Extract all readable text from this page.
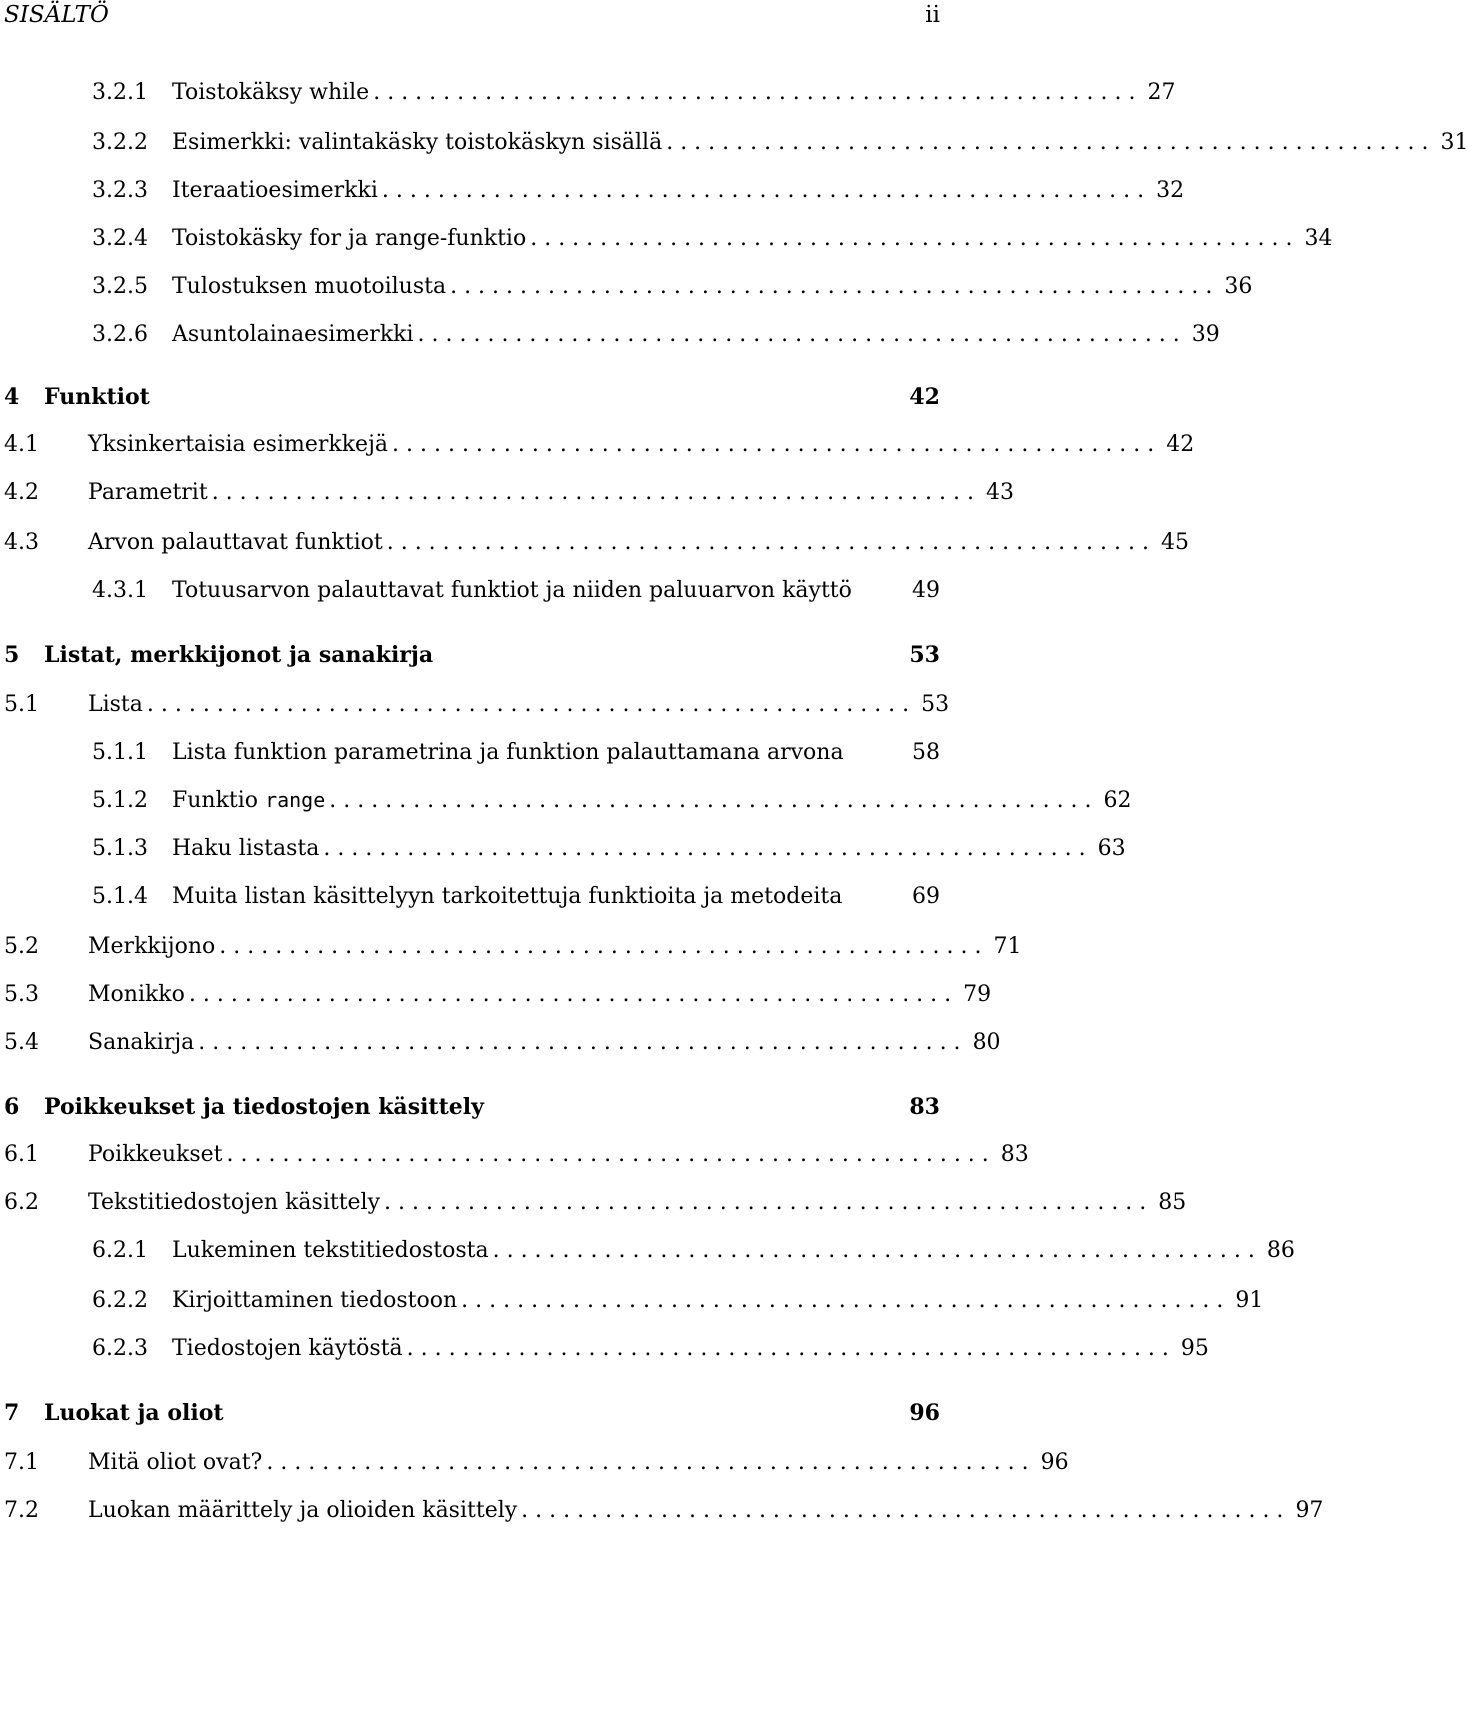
SISÄLTÖ	ii
3.2.1	Toistokäksy while . . . . . . . . . . . . . . . . . . . . . . . . . . . . . . . . . . . . . . . . . . . . . . . . . . . . . . . 27
3.2.2	Esimerkki: valintakäsky toistokäskyn sisällä . . . . . . . . . . . . . . . . . . . . . . . . . . . . . . . . . . . . . . . . . . . . . . . . . . . . . . . 31
3.2.3	Iteraatioesimerkki . . . . . . . . . . . . . . . . . . . . . . . . . . . . . . . . . . . . . . . . . . . . . . . . . . . . . . . 32
3.2.4	Toistokäsky for ja range-funktio . . . . . . . . . . . . . . . . . . . . . . . . . . . . . . . . . . . . . . . . . . . . . . . . . . . . . . . 34
3.2.5	Tulostuksen muotoilusta . . . . . . . . . . . . . . . . . . . . . . . . . . . . . . . . . . . . . . . . . . . . . . . . . . . . . . . 36
3.2.6	Asuntolainaesimerkki . . . . . . . . . . . . . . . . . . . . . . . . . . . . . . . . . . . . . . . . . . . . . . . . . . . . . . . 39
4	Funktiot	42
4.1	Yksinkertaisia esimerkkejä . . . . . . . . . . . . . . . . . . . . . . . . . . . . . . . . . . . . . . . . . . . . . . . . . . . . . . . 42
4.2	Parametrit . . . . . . . . . . . . . . . . . . . . . . . . . . . . . . . . . . . . . . . . . . . . . . . . . . . . . . . 43
4.3	Arvon palauttavat funktiot . . . . . . . . . . . . . . . . . . . . . . . . . . . . . . . . . . . . . . . . . . . . . . . . . . . . . . . 45
4.3.1	Totuusarvon palauttavat funktiot ja niiden paluuarvon käyttö	49
5	Listat, merkkijonot ja sanakirja	53
5.1	Lista . . . . . . . . . . . . . . . . . . . . . . . . . . . . . . . . . . . . . . . . . . . . . . . . . . . . . . . 53
5.1.1	Lista funktion parametrina ja funktion palauttamana arvona	58
5.1.2	Funktio range . . . . . . . . . . . . . . . . . . . . . . . . . . . . . . . . . . . . . . . . . . . . . . . . . . . . . . . 62
5.1.3	Haku listasta . . . . . . . . . . . . . . . . . . . . . . . . . . . . . . . . . . . . . . . . . . . . . . . . . . . . . . . 63
5.1.4	Muita listan käsittelyyn tarkoitettuja funktioita ja metodeita	69
5.2	Merkkijono . . . . . . . . . . . . . . . . . . . . . . . . . . . . . . . . . . . . . . . . . . . . . . . . . . . . . . . 71
5.3	Monikko . . . . . . . . . . . . . . . . . . . . . . . . . . . . . . . . . . . . . . . . . . . . . . . . . . . . . . . 79
5.4	Sanakirja . . . . . . . . . . . . . . . . . . . . . . . . . . . . . . . . . . . . . . . . . . . . . . . . . . . . . . . 80
6	Poikkeukset ja tiedostojen käsittely	83
6.1	Poikkeukset . . . . . . . . . . . . . . . . . . . . . . . . . . . . . . . . . . . . . . . . . . . . . . . . . . . . . . . 83
6.2	Tekstitiedostojen käsittely . . . . . . . . . . . . . . . . . . . . . . . . . . . . . . . . . . . . . . . . . . . . . . . . . . . . . . . 85
6.2.1	Lukeminen tekstitiedostosta . . . . . . . . . . . . . . . . . . . . . . . . . . . . . . . . . . . . . . . . . . . . . . . . . . . . . . . 86
6.2.2	Kirjoittaminen tiedostoon . . . . . . . . . . . . . . . . . . . . . . . . . . . . . . . . . . . . . . . . . . . . . . . . . . . . . . . 91
6.2.3	Tiedostojen käytöstä . . . . . . . . . . . . . . . . . . . . . . . . . . . . . . . . . . . . . . . . . . . . . . . . . . . . . . . 95
7	Luokat ja oliot	96
7.1	Mitä oliot ovat? . . . . . . . . . . . . . . . . . . . . . . . . . . . . . . . . . . . . . . . . . . . . . . . . . . . . . . . 96
7.2	Luokan määrittely ja olioiden käsittely . . . . . . . . . . . . . . . . . . . . . . . . . . . . . . . . . . . . . . . . . . . . . . . . . . . . . . . 97
